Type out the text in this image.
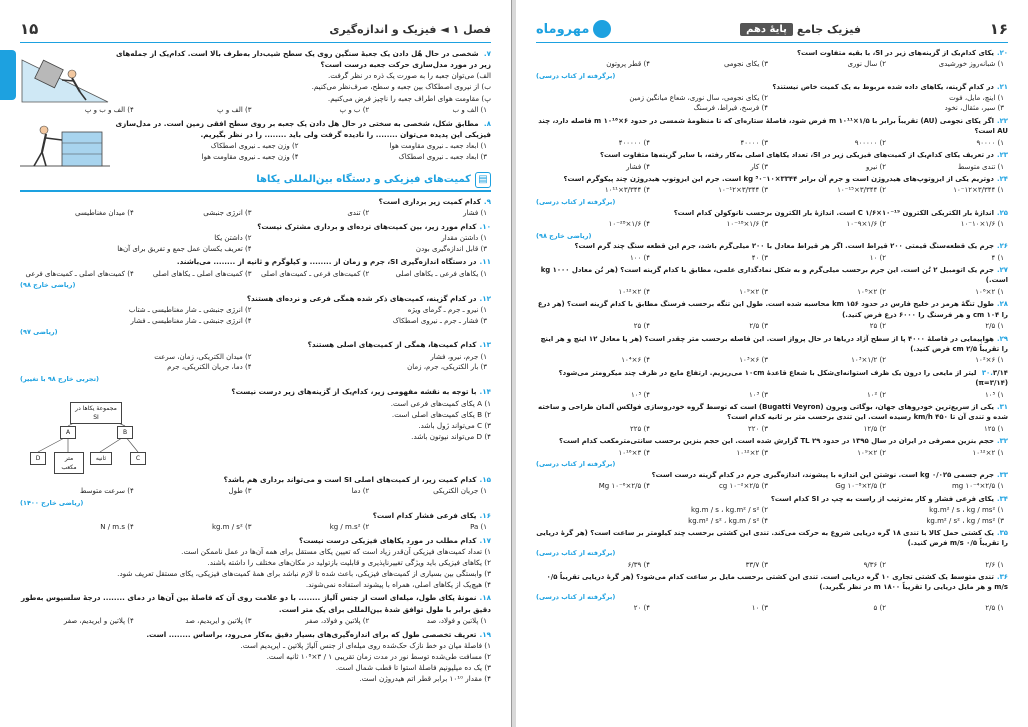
فصل ۱ ◄ فیزیک و اندازه‌گیری
۱۵
۷. شخصی در حال هُل دادن یک جعبهٔ سنگین روی یک سطح شیب‌دار به‌طرف بالا است. کدام‌یک از جمله‌های زیر در مورد مدل‌سازی حرکت جعبه درست است؟
الف) می‌توان جعبه را به صورت یک ذره در نظر گرفت.
ب) از نیروی اصطکاک بین جعبه و سطح، صرف‌نظر می‌کنیم.
پ) مقاومت هوای اطراف جعبه را ناچیز فرض می‌کنیم.
۱) الف و ب
۲) ب و پ
۳) الف و پ
۴) الف و ب و پ
۸. مطابق شکل، شخصی به سختی در حال هل دادن یک جعبه بر روی سطح افقی زمین است. در مدل‌سازی فیزیکی این پدیده می‌توان ........ را نادیده گرفت ولی باید ........ را در نظر بگیریم.
۱) ابعاد جعبه ـ نیروی مقاومت هوا
۲) وزن جعبه ـ نیروی اصطکاک
۳) ابعاد جعبه ـ نیروی اصطکاک
۴) وزن جعبه ـ نیروی مقاومت هوا
▤
کمیت‌های فیزیکی و دستگاه بین‌المللی یکاها
۹.کدام کمیت زیر برداری است؟
۱) فشار
۲) تندی
۳) انرژی جنبشی
۴) میدان مغناطیسی
۱۰.کدام مورد زیر، بین کمیت‌های نرده‌ای و برداری مشترک نیست؟
۱) داشتن مقدار
۲) داشتن یکا
۳) قابل اندازه‌گیری بودن
۴) تعریف یکسان عمل جمع و تفریق برای آن‌ها
۱۱.در دستگاه اندازه‌گیری SI، جرم و زمان از ........ و کیلوگرم و ثانیه از ........ می‌باشند.
۱) یکاهای فرعی ـ یکاهای اصلی
۲) کمیت‌های فرعی ـ کمیت‌های اصلی
۳) کمیت‌های اصلی ـ یکاهای اصلی
۴) کمیت‌های اصلی ـ کمیت‌های فرعی
(ریاضی خارج ۹۸)
۱۲.در کدام گزینه، کمیت‌های ذکر شده همگی فرعی و نرده‌ای هستند؟
۱) نیرو ـ جرم ـ گرمای ویژه
۲) انرژی جنبشی ـ شار مغناطیسی ـ شتاب
۳) فشار ـ جرم ـ نیروی اصطکاک
۴) انرژی جنبشی ـ شار مغناطیسی ـ فشار
(ریاضی ۹۷)
۱۳.کدام کمیت‌ها، همگی از کمیت‌های اصلی هستند؟
۱) جرم، نیرو، فشار
۲) میدان الکتریکی، زمان، سرعت
۳) بار الکتریکی، جرم، زمان
۴) دما، جریان الکتریکی، جرم
(تجربی خارج ۹۸ با تغییر)
۱۴.با توجه به نقشه مفهومی زیر، کدام‌یک از گزینه‌های زیر درست نیست؟
۱) A یکای کمیت‌های فرعی است.
۲) B یکای کمیت‌های اصلی است.
۳) C می‌تواند ژول باشد.
۴) D می‌تواند نیوتون باشد.
مجموعهٔ یکاها در SI
A	B
D	متر مکعب
ثانیه	C
۱۵.کدام کمیت زیر، از کمیت‌های اصلی SI است و می‌تواند برداری هم باشد؟
۱) جریان الکتریکی
۲) دما
۳) طول
۴) سرعت متوسط
(ریاضی خارج ۱۴۰۰)
۱۶.یکای فرعی فشار کدام است؟
۱) Pa
۲) kg / m.s²
۳) kg.m / s²
۴) N / m.s
۱۷.کدام مطلب در مورد یکاهای فیزیکی درست نیست؟
۱) تعداد کمیت‌های فیزیکی آن‌قدر زیاد است که تعیین یکای مستقل برای همه آن‌ها در عمل ناممکن است.
۲) یکاهای فیزیکی باید ویژگی تغییرناپذیری و قابلیت بازتولید در مکان‌های مختلف را داشته باشند.
۳) وابستگی بین بسیاری از کمیت‌های فیزیکی، باعث شده تا لازم نباشد برای همهٔ کمیت‌های فیزیکی، یکای مستقل تعریف شود.
۴) هیچ‌یک از یکاهای اصلی، همراه با پیشوند استفاده نمی‌شوند.
۱۸.نمونهٔ یکای طول، میله‌ای است از جنس آلیاژ ........ با دو علامت روی آن که فاصلهٔ بین آن‌ها در دمای ........ درجهٔ سلسیوس به‌طور دقیق برابر با طول توافق شدهٔ بین‌المللی برای یک متر است.
۱) پلاتین و فولاد، صد
۲) پلاتین و فولاد، صفر
۳) پلاتین و ایریدیم، صد
۴) پلاتین و ایریدیم، صفر
۱۹.تعریف تخصصی طول که برای اندازه‌گیری‌های بسیار دقیق به‌کار می‌رود، براساس ........ است.
۱) فاصلهٔ میان دو خط نازک حک‌شده روی میله‌ای از جنس آلیاژ پلاتین ـ ایریدیم است.
۲) مسافت طی‌شده توسط نور در مدت زمان تقریبی ۱ / ۳×۱۰⁸ ثانیه است.
۳) یک ده میلیونیم فاصلهٔ استوا تا قطب شمال است.
۴) مقدار ۱۰¹⁰ برابر قطر اتم هیدروژن است.
۱۶
فیزیک جامع
پایهٔ دهم
مهروماه
۲۰.یکای کدام‌یک از گزینه‌های زیر در SI، با بقیه متفاوت است؟
۱) شبانه‌روز خورشیدی
۲) سال نوری
۳) یکای نجومی
۴) قطر پروتون
(برگرفته از کتاب درسی)
۲۱.در کدام گزینه، یکاهای داده شده مربوط به یک کمیت خاص نیستند؟
۱) اینچ، مایل، فوت
۲) یکای نجومی، سال نوری، شعاع میانگین زمین
۳) سیر، مثقال، نخود
۴) فرسخ، فیراط، فرسنگ
۲۲.اگر یکای نجومی (AU) تقریباً برابر با ۱/۵×۱۰¹¹ m فرض شود، فاصلهٔ ستاره‌ای که تا منظومهٔ شمسی در حدود ۶×۱۰¹⁶ m فاصله دارد، چند AU است؟
۱) ۹۰۰۰۰
۲) ۹۰۰۰۰۰
۳) ۴۰۰۰۰
۴) ۴۰۰۰۰۰
۲۳.در تعریف یکای کدام‌یک از کمیت‌های فیزیکی زیر در SI، تعداد یکاهای اصلی به‌کار رفته، با سایر گزینه‌ها متفاوت است؟
۱) تندی متوسط
۲) نیرو
۳) کار
۴) فشار
۲۴.دوتریم یکی از ایزوتوپ‌های هیدروژن است و جرم آن برابر ۳۳۴۴×۱۰⁻³۰ kg است. جرم این ایزوتوپ هیدروژن چند پیکوگرم است؟
۱) ۳/۳۴۴×۱۰⁻۱۲
۲) ۳/۳۴۴×۱۰⁻¹⁵
۳) ۳/۳۴۴×۱۰⁻¹۲
۴) ۳/۳۴۴×۱۰¹¹
(برگرفته از کتاب درسی)
۲۵.اندازهٔ بار الکتریکی الکترون C ۱/۶×۱۰⁻¹⁹ است. اندازهٔ بار الکترون برحسب نانوکولن کدام است؟
۱) ۱/۶×۱۰⁻۱۰
۲) ۱/۶×۱۰⁻۹
۳) ۱/۶×۱۰⁻¹⁸
۴) ۱/۶×۱۰⁻²⁸
(ریاضی خارج ۹۸)
۲۶.جرم یک قطعه‌سنگ قیمتی ۲۰۰ قیراط است. اگر هر قیراط معادل با ۲۰۰ میلی‌گرم باشد، جرم این قطعه سنگ چند گرم است؟
۱) ۴
۲) ۱۰
۳) ۴۰
۴) ۱۰۰
۲۷.جرم یک اتومبیل ۲ تُن است. این جرم برحسب میلی‌گرم و به شکل نمادگذاری علمی، مطابق با کدام گزینه است؟ (هر تُن معادل ۱۰۰۰ kg است.)
۱) ۲×۱۰⁶
۲) ۲×۱۰⁸
۳) ۲×۱۰⁹
۴) ۲×۱۰¹²
۲۸.طول تنگهٔ هرمز در خلیج فارس در حدود ۱۵۶ km محاسبه شده است. طول این تنگه برحسب فرسنگ مطابق با کدام گزینه است؟ (هر ذرع را ۱۰۴ cm و هر فرسنگ را ۶۰۰۰ ذرع فرض کنید.)
۱) ۲/۵
۲) ۲۵
۳) ۲/۵
۴) ۲۵
۲۹.هواپیمایی در فاصلهٔ ۴۰۰۰ پا از سطح آزاد دریاها در حال پرواز است. این فاصله برحسب متر چقدر است؟ (هر پا معادل ۱۲ اینچ و هر اینچ را تقریباً ۲/۵ cm فرض کنید.)
۱) ۶×۱۰²
۲) ۱/۲×۱۰³
۳) ۶×۱۰³
۴) ۶×۱۰⁴
۳۰.۳/۱۴ لیتر از مایعی را درون یک ظرف استوانه‌ای‌شکل با شعاع قاعدهٔ ۱۰cm می‌ریزیم. ارتفاع مایع در ظرف چند میکرومتر می‌شود؟ (π=۳/۱۴)
۱) ۱۰⁵
۲) ۱۰²
۳) ۱۰³
۴) ۱۰⁵
۳۱.یکی از سریع‌ترین خودروهای جهان، بوگاتی ویرون (Bugatti Veyron) است که توسط گروه خودروسازی فولکس آلمان طراحی و ساخته شده و تندی آن تا ۴۵۰ km/h رسیده است. این تندی برحسب متر بر ثانیه کدام است؟
۱) ۱۲۵
۲) ۱۲/۵
۳) ۲۲۰
۴) ۲۲۵
۳۲.حجم بنزین مصرفی در ایران در سال ۱۳۹۵ در حدود ۲۹ TL گزارش شده است. این حجم بنزین برحسب سانتی‌مترمکعب کدام است؟
۱) ۲×۱۰¹²
۲) ۲×۱۰⁹
۳) ۲×۱۰¹²
۴) ۳×۱۰¹⁶
(برگرفته از کتاب درسی)
۳۳.جرم جسمی ۰/۰۲۵ kg است. نوشتن این اندازه با پیشوند، اندازه‌گیری جرم در کدام گزینه درست است؟
۱) ۲/۵×۱۰⁻⁴ mg
۲) ۲/۵×۱۰⁻⁸ Gg
۳) ۲/۵×۱۰⁻² cg
۴) ۲/۵×۱۰⁻⁶ Mg
۳۴.یکای فرعی فشار و کار به‌ترتیب از راست به چپ در SI کدام است؟
۱) kg.m² / s ، kg / ms²
۲) kg.m / s ، kg.m² / s²
۳) kg.m² / s² ، kg / ms²
۴) kg.m² / s² ، kg.m / s²
۳۵.یک کشتی حمل کالا با تندی ۱۸ گره دریایی شروع به حرکت می‌کند. تندی این کشتی برحسب چند کیلومتر بر ساعت است؟ (هر گرهٔ دریایی را تقریباً ۰/۵ m/s فرض کنید.)
(برگرفته از کتاب درسی)
۱) ۲/۶
۲) ۹/۳۶
۳) ۳۳/۷
۴) ۶/۳۹
۳۶.تندی متوسط یک کشتی تجاری ۱۰ گره دریایی است. تندی این کشتی برحسب مایل بر ساعت کدام می‌شود؟ (هر گرهٔ دریایی تقریباً ۰/۵ m/s و هر مایل دریایی را تقریباً ۱۸۰۰ m در نظر بگیرید.)
(برگرفته از کتاب درسی)
۱) ۲/۵
۲) ۵
۳) ۱۰
۴) ۲۰
